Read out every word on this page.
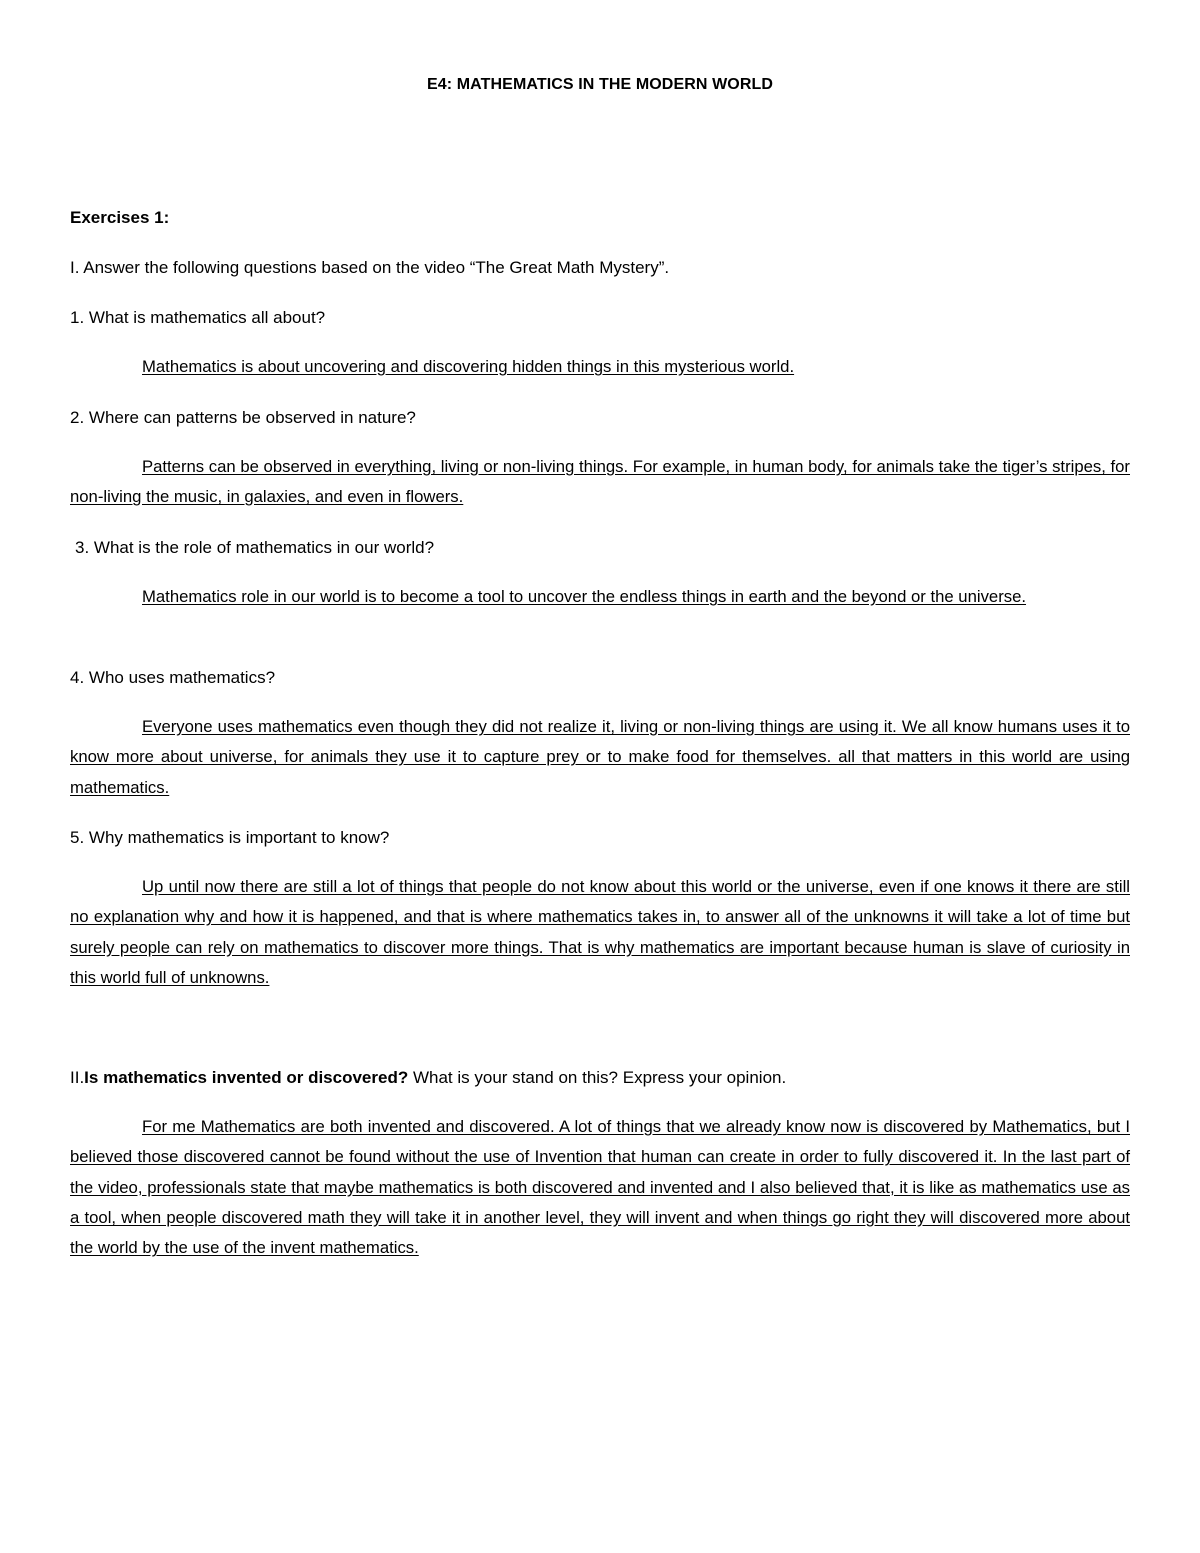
E4: MATHEMATICS IN THE MODERN WORLD
Exercises 1:
I. Answer the following questions based on the video “The Great Math Mystery”.
1. What is mathematics all about?
Mathematics is about uncovering and discovering hidden things in this mysterious world.
2. Where can patterns be observed in nature?
Patterns can be observed in everything, living or non-living things. For example, in human body, for animals take the tiger’s stripes, for non-living the music, in galaxies, and even in flowers.
3. What is the role of mathematics in our world?
Mathematics role in our world is to become a tool to uncover the endless things in earth and the beyond or the universe.
4. Who uses mathematics?
Everyone uses mathematics even though they did not realize it, living or non-living things are using it. We all know humans uses it to know more about universe, for animals they use it to capture prey or to make food for themselves. all that matters in this world are using mathematics.
5. Why mathematics is important to know?
Up until now there are still a lot of things that people do not know about this world or the universe, even if one knows it there are still no explanation why and how it is happened, and that is where mathematics takes in, to answer all of the unknowns it will take a lot of time but surely people can rely on mathematics to discover more things. That is why mathematics are important because human is slave of curiosity in this world full of unknowns.
II.Is mathematics invented or discovered? What is your stand on this? Express your opinion.
For me Mathematics are both invented and discovered. A lot of things that we already know now is discovered by Mathematics, but I believed those discovered cannot be found without the use of Invention that human can create in order to fully discovered it. In the last part of the video, professionals state that maybe mathematics is both discovered and invented and I also believed that, it is like as mathematics use as a tool, when people discovered math they will take it in another level, they will invent and when things go right they will discovered more about the world by the use of the invent mathematics.
